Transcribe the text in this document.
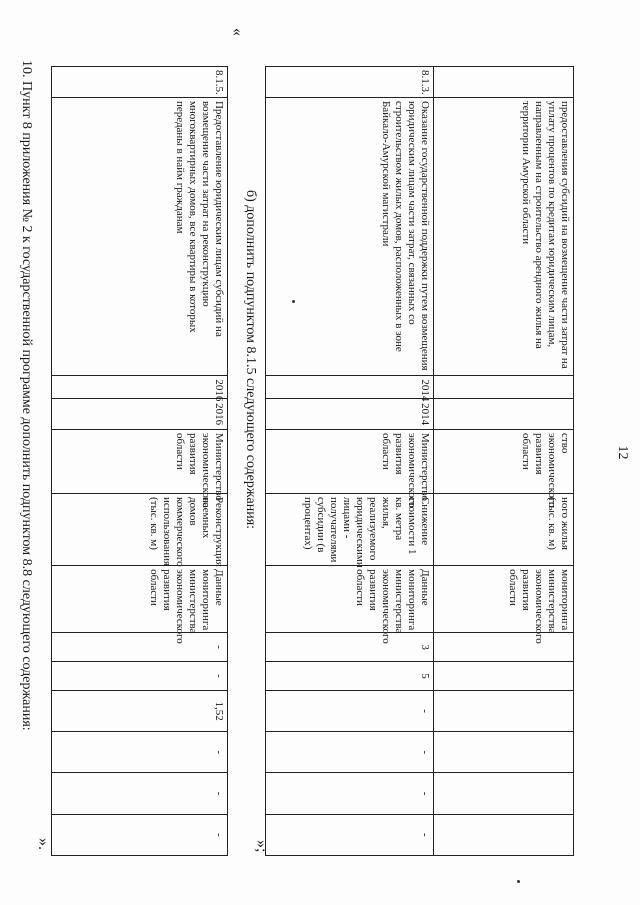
12
	предоставления субсидий на возмещение части затрат на уплату процентов по кредитам юридическим лицам, направленным на строительство арендного жилья на территории Амурской области			ство экономического развития области	ного жилья (тыс. кв. м)	мониторинга министерства экономического развития области						
8.1.3.	Оказание государственной поддержки путем возмещения юридическим лицам части затрат, связанных со строительством жилых домов, расположенных в зоне Байкало-Амурской магистрали	2014	2014	Министерство экономического развития области	Снижение стоимости 1 кв. метра жилья, реализуемого юридическими лицами - получателями субсидии (в процентах)	Данные мониторинга министерства экономического развития области	3	5	-	-	-	-
б) дополнить подпунктом 8.1.5 следующего содержания:
«
»;
8.1.5.	Предоставление юридическим лицам субсидий на возмещение части затрат на реконструкцию многоквартирных домов, все квартиры в которых переданы в найм гражданам	2016	2016	Министерство экономического развития области	Реконструкция наемных домов коммерческого использования (тыс. кв. м)	Данные мониторинга министерства экономического развития области	-	-	1,52	-	-	-
».
10. Пункт 8 приложения № 2 к государственной программе дополнить подпунктом 8.8 следующего содержания:
